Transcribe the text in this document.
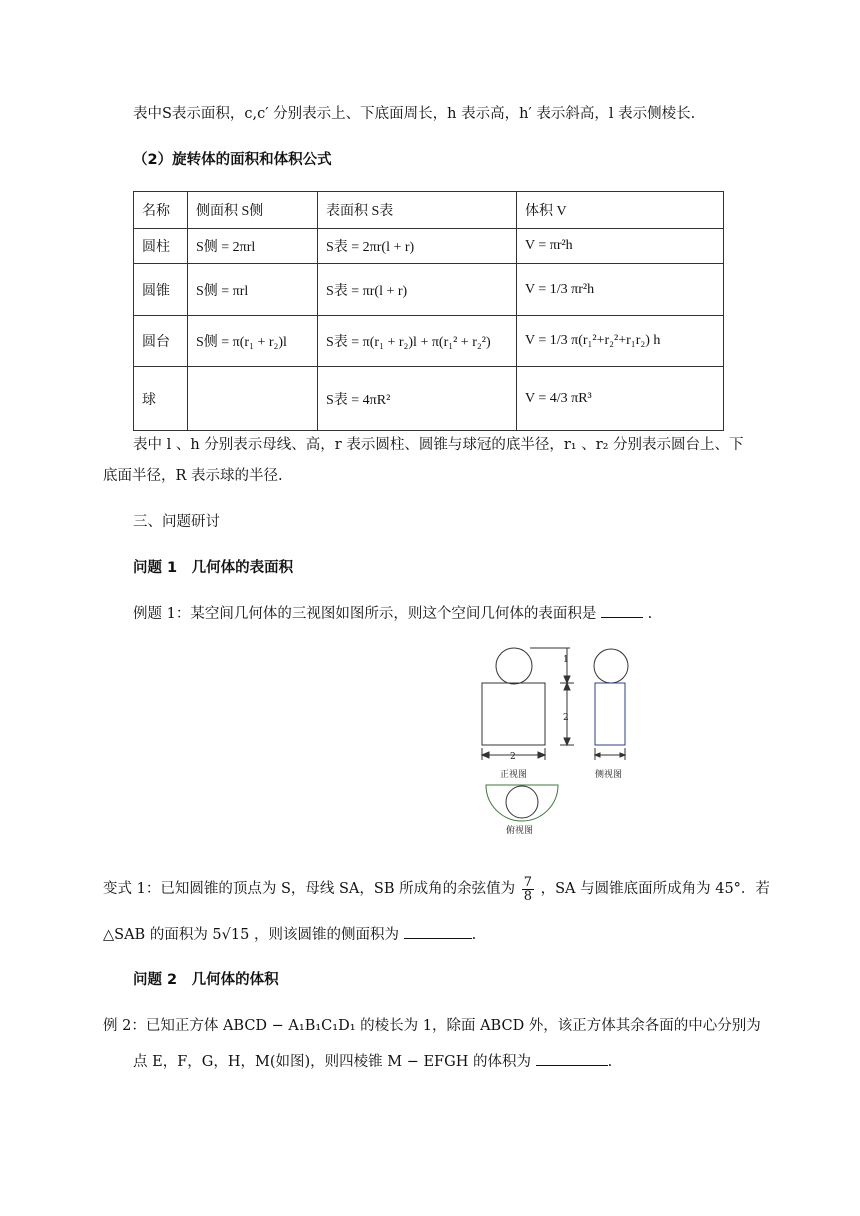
表中S表示面积，c,c′ 分别表示上、下底面周长，h 表示高，h′ 表示斜高，l 表示侧棱长.
（2）旋转体的面积和体积公式
名称	侧面积 S侧	表面积 S表	体积 V
圆柱	S侧 = 2πrl	S表 = 2πr(l + r)	V = πr²h
圆锥	S侧 = πrl	S表 = πr(l + r)	V = 1/3 πr²h
圆台	S侧 = π(r₁ + r₂)l	S表 = π(r₁ + r₂)l + π(r₁² + r₂²)	V = 1/3 π(r₁²+r₂²+r₁r₂) h
球		S表 = 4πR²	V = 4/3 πR³
表中 l 、h 分别表示母线、高，r 表示圆柱、圆锥与球冠的底半径，r₁ 、r₂ 分别表示圆台上、下
底面半径，R 表示球的半径.
三、问题研讨
问题 1　几何体的表面积
例题 1：某空间几何体的三视图如图所示，则这个空间几何体的表面积是	.
1
2
2
正视图	侧视图
俯视图
变式 1：已知圆锥的顶点为 S，母线 SA，SB 所成角的余弦值为 $\frac{7}{8}$ ，SA 与圆锥底面所成角为 45°．若
△SAB 的面积为 5√15 ，则该圆锥的侧面积为	.
问题 2　几何体的体积
例 2：已知正方体 ABCD − A₁B₁C₁D₁ 的棱长为 1，除面 ABCD 外，该正方体其余各面的中心分别为
点 E，F，G，H，M(如图)，则四棱锥 M − EFGH 的体积为	.
